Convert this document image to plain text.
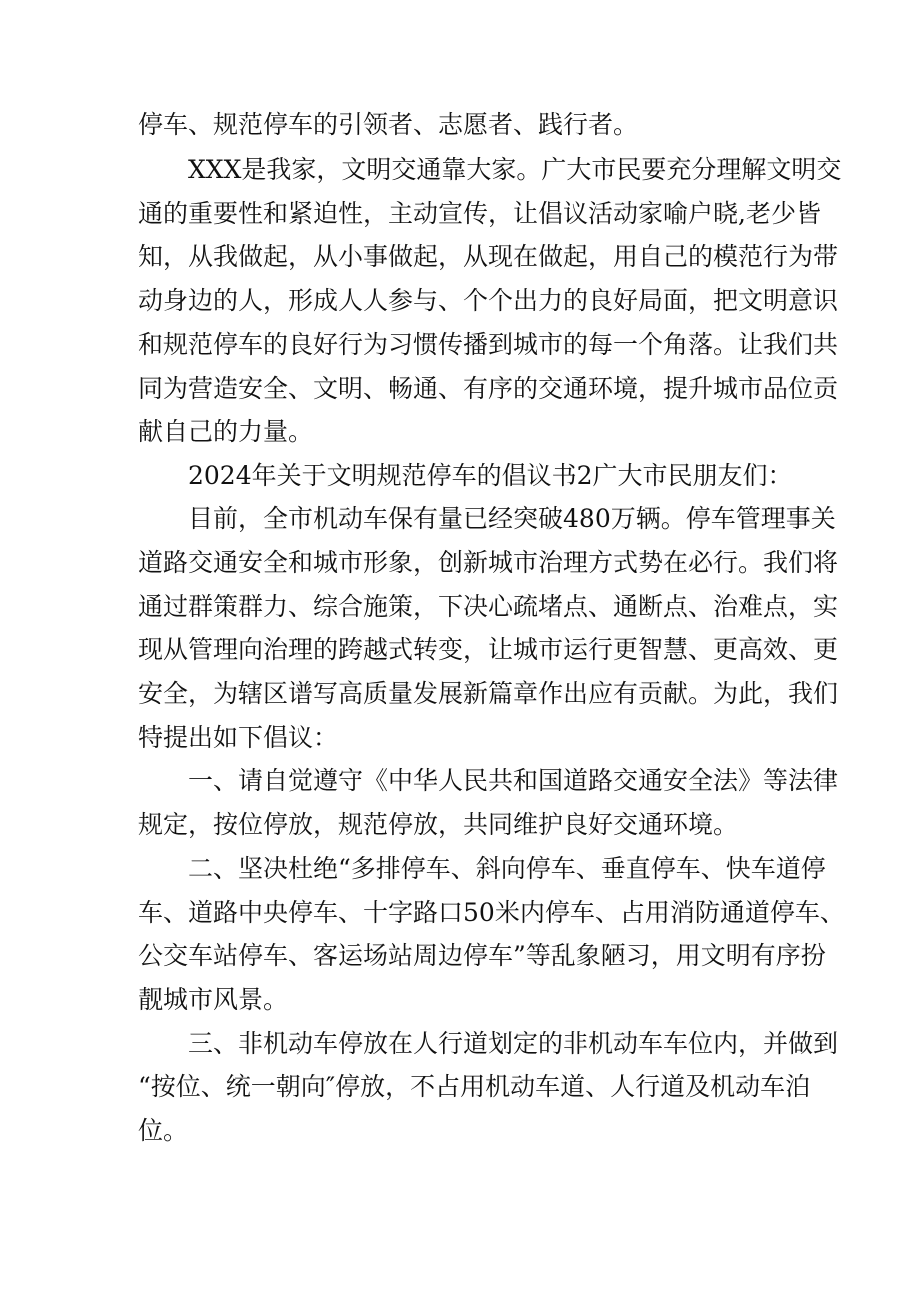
停车、规范停车的引领者、志愿者、践行者。
XXX是我家，文明交通靠大家。广大市民要充分理解文明交
通的重要性和紧迫性，主动宣传，让倡议活动家喻户晓,老少皆
知，从我做起，从小事做起，从现在做起，用自己的模范行为带
动身边的人，形成人人参与、个个出力的良好局面，把文明意识
和规范停车的良好行为习惯传播到城市的每一个角落。让我们共
同为营造安全、文明、畅通、有序的交通环境，提升城市品位贡
献自己的力量。
2024年关于文明规范停车的倡议书2广大市民朋友们：
目前，全市机动车保有量已经突破480万辆。停车管理事关
道路交通安全和城市形象，创新城市治理方式势在必行。我们将
通过群策群力、综合施策，下决心疏堵点、通断点、治难点，实
现从管理向治理的跨越式转变，让城市运行更智慧、更高效、更
安全，为辖区谱写高质量发展新篇章作出应有贡献。为此，我们
特提出如下倡议：
一、请自觉遵守《中华人民共和国道路交通安全法》等法律
规定，按位停放，规范停放，共同维护良好交通环境。
二、坚决杜绝“多排停车、斜向停车、垂直停车、快车道停
车、道路中央停车、十字路口50米内停车、占用消防通道停车、
公交车站停车、客运场站周边停车”等乱象陋习，用文明有序扮
靓城市风景。
三、非机动车停放在人行道划定的非机动车车位内，并做到
“按位、统一朝向″停放，不占用机动车道、人行道及机动车泊
位。
